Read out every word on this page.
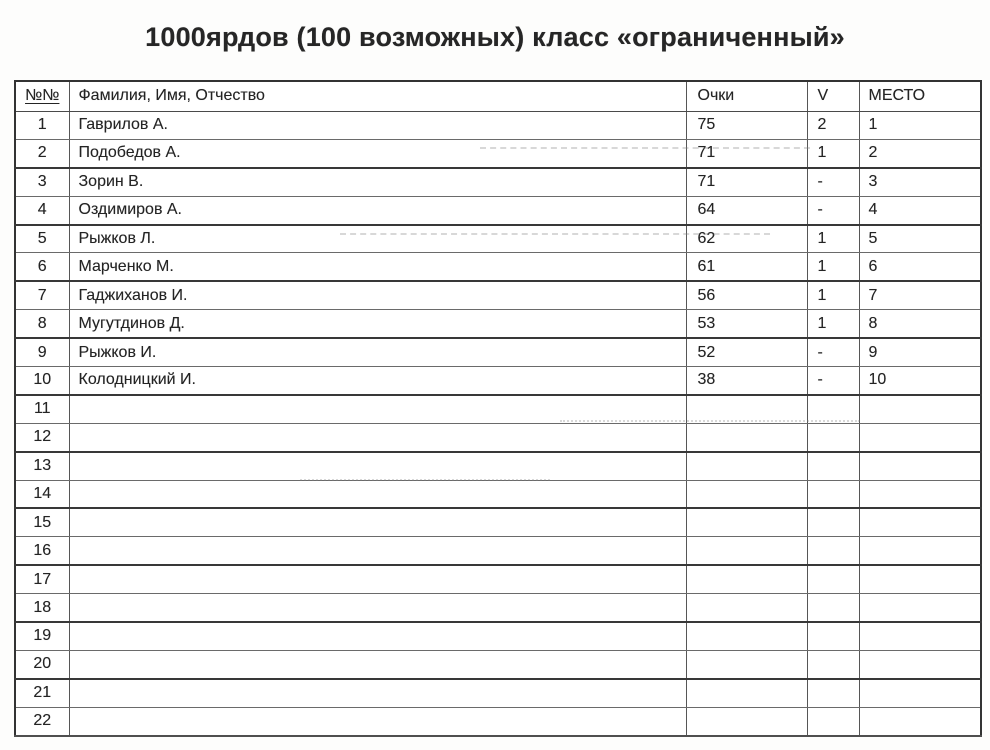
1000ярдов (100 возможных) класс «ограниченный»
№№	Фамилия, Имя, Отчество	Очки	V	МЕСТО
1	Гаврилов А.	75	2	1
2	Подобедов А.	71	1	2
3	Зорин В.	71	-	3
4	Оздимиров А.	64	-	4
5	Рыжков Л.	62	1	5
6	Марченко М.	61	1	6
7	Гаджиханов И.	56	1	7
8	Мугутдинов Д.	53	1	8
9	Рыжков И.	52	-	9
10	Колодницкий И.	38	-	10
11				
12				
13				
14				
15				
16				
17				
18				
19				
20				
21				
22				
